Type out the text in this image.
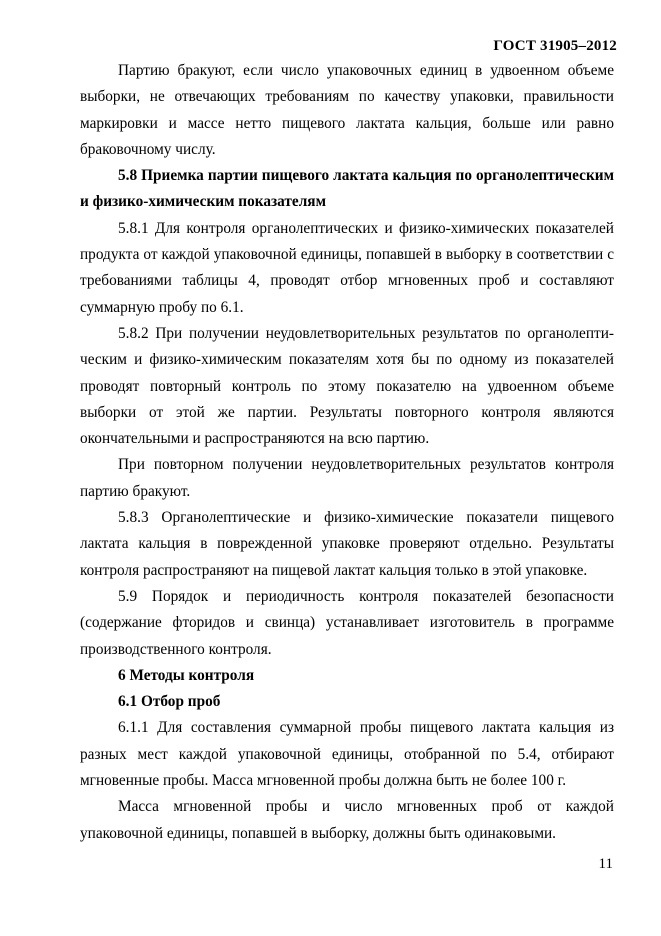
ГОСТ 31905–2012

Партию бракуют, если число упаковочных единиц в удвоенном объеме выборки, не отвечающих требованиям по качеству упаковки, правильности маркировки и массе нетто пищевого лактата кальция, больше или равно браковочному числу.

5.8 Приемка партии пищевого лактата кальция по органолептическим и физико-химическим показателям

5.8.1 Для контроля органолептических и физико-химических показателей продукта от каждой упаковочной единицы, попавшей в выборку в соответствии с требованиями таблицы 4, проводят отбор мгновенных проб и составляют суммарную пробу по 6.1.

5.8.2 При получении неудовлетворительных результатов по органолептическим и физико-химическим показателям хотя бы по одному из показателей проводят повторный контроль по этому показателю на удвоенном объеме выборки от этой же партии. Результаты повторного контроля являются окончательными и распространяются на всю партию.

При повторном получении неудовлетворительных результатов контроля партию бракуют.

5.8.3 Органолептические и физико-химические показатели пищевого лактата кальция в поврежденной упаковке проверяют отдельно. Результаты контроля распространяют на пищевой лактат кальция только в этой упаковке.

5.9 Порядок и периодичность контроля показателей безопасности (содержание фторидов и свинца) устанавливает изготовитель в программе производственного контроля.

6 Методы контроля

6.1 Отбор проб

6.1.1 Для составления суммарной пробы пищевого лактата кальция из разных мест каждой упаковочной единицы, отобранной по 5.4, отбирают мгновенные пробы. Масса мгновенной пробы должна быть не более 100 г.

Масса мгновенной пробы и число мгновенных проб от каждой упаковочной единицы, попавшей в выборку, должны быть одинаковыми.

11
